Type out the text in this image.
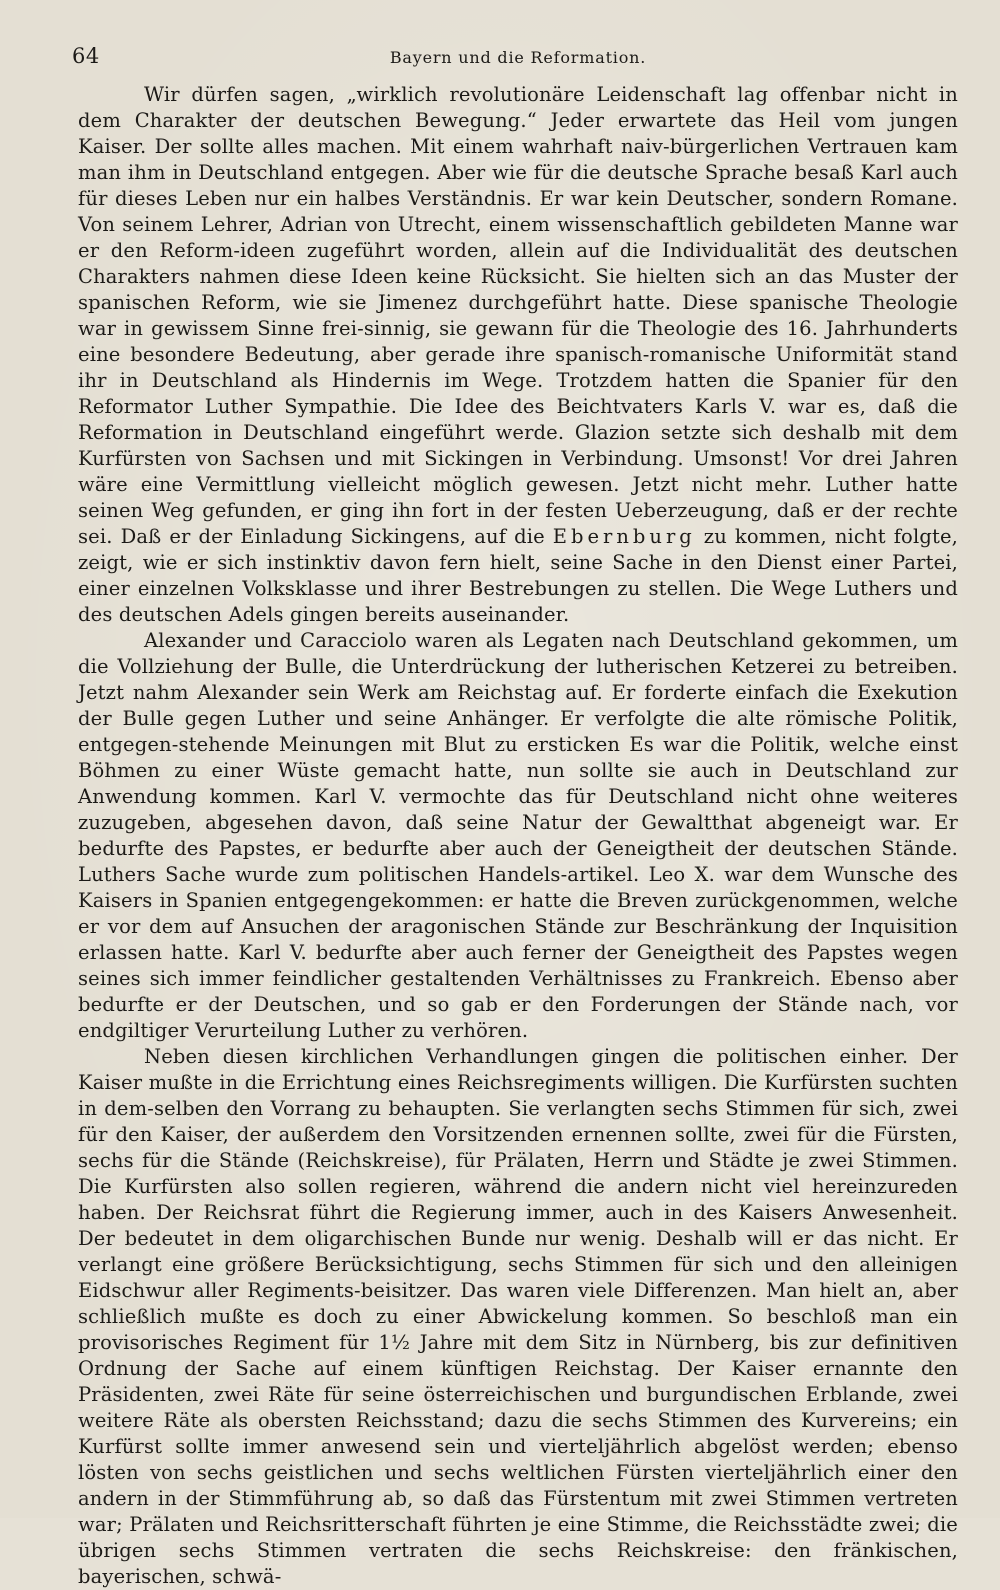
64	Bayern und die Reformation.

Wir dürfen sagen, „wirklich revolutionäre Leidenschaft lag offenbar nicht in dem Charakter der deutschen Bewegung.“ Jeder erwartete das Heil vom jungen Kaiser. Der sollte alles machen. Mit einem wahrhaft naiv-bürgerlichen Vertrauen kam man ihm in Deutschland entgegen. Aber wie für die deutsche Sprache besaß Karl auch für dieses Leben nur ein halbes Verständnis. Er war kein Deutscher, sondern Romane. Von seinem Lehrer, Adrian von Utrecht, einem wissenschaftlich gebildeten Manne war er den Reform-ideen zugeführt worden, allein auf die Individualität des deutschen Charakters nahmen diese Ideen keine Rücksicht. Sie hielten sich an das Muster der spanischen Reform, wie sie Jimenez durchgeführt hatte. Diese spanische Theologie war in gewissem Sinne frei-sinnig, sie gewann für die Theologie des 16. Jahrhunderts eine besondere Bedeutung, aber gerade ihre spanisch-romanische Uniformität stand ihr in Deutschland als Hindernis im Wege. Trotzdem hatten die Spanier für den Reformator Luther Sympathie. Die Idee des Beichtvaters Karls V. war es, daß die Reformation in Deutschland eingeführt werde. Glazion setzte sich deshalb mit dem Kurfürsten von Sachsen und mit Sickingen in Verbindung. Umsonst! Vor drei Jahren wäre eine Vermittlung vielleicht möglich gewesen. Jetzt nicht mehr. Luther hatte seinen Weg gefunden, er ging ihn fort in der festen Ueberzeugung, daß er der rechte sei. Daß er der Einladung Sickingens, auf die Ebernburg zu kommen, nicht folgte, zeigt, wie er sich instinktiv davon fern hielt, seine Sache in den Dienst einer Partei, einer einzelnen Volksklasse und ihrer Bestrebungen zu stellen. Die Wege Luthers und des deutschen Adels gingen bereits auseinander.

Alexander und Caracciolo waren als Legaten nach Deutschland gekommen, um die Vollziehung der Bulle, die Unterdrückung der lutherischen Ketzerei zu betreiben. Jetzt nahm Alexander sein Werk am Reichstag auf. Er forderte einfach die Exekution der Bulle gegen Luther und seine Anhänger. Er verfolgte die alte römische Politik, entgegen-stehende Meinungen mit Blut zu ersticken Es war die Politik, welche einst Böhmen zu einer Wüste gemacht hatte, nun sollte sie auch in Deutschland zur Anwendung kommen. Karl V. vermochte das für Deutschland nicht ohne weiteres zuzugeben, abgesehen davon, daß seine Natur der Gewaltthat abgeneigt war. Er bedurfte des Papstes, er bedurfte aber auch der Geneigtheit der deutschen Stände. Luthers Sache wurde zum politischen Handels-artikel. Leo X. war dem Wunsche des Kaisers in Spanien entgegengekommen: er hatte die Breven zurückgenommen, welche er vor dem auf Ansuchen der aragonischen Stände zur Beschränkung der Inquisition erlassen hatte. Karl V. bedurfte aber auch ferner der Geneigtheit des Papstes wegen seines sich immer feindlicher gestaltenden Verhältnisses zu Frankreich. Ebenso aber bedurfte er der Deutschen, und so gab er den Forderungen der Stände nach, vor endgiltiger Verurteilung Luther zu verhören.

Neben diesen kirchlichen Verhandlungen gingen die politischen einher. Der Kaiser mußte in die Errichtung eines Reichsregiments willigen. Die Kurfürsten suchten in dem-selben den Vorrang zu behaupten. Sie verlangten sechs Stimmen für sich, zwei für den Kaiser, der außerdem den Vorsitzenden ernennen sollte, zwei für die Fürsten, sechs für die Stände (Reichskreise), für Prälaten, Herrn und Städte je zwei Stimmen. Die Kurfürsten also sollen regieren, während die andern nicht viel hereinzureden haben. Der Reichsrat führt die Regierung immer, auch in des Kaisers Anwesenheit. Der bedeutet in dem oligarchischen Bunde nur wenig. Deshalb will er das nicht. Er verlangt eine größere Berücksichtigung, sechs Stimmen für sich und den alleinigen Eidschwur aller Regiments-beisitzer. Das waren viele Differenzen. Man hielt an, aber schließlich mußte es doch zu einer Abwickelung kommen. So beschloß man ein provisorisches Regiment für 1½ Jahre mit dem Sitz in Nürnberg, bis zur definitiven Ordnung der Sache auf einem künftigen Reichstag. Der Kaiser ernannte den Präsidenten, zwei Räte für seine österreichischen und burgundischen Erblande, zwei weitere Räte als obersten Reichsstand; dazu die sechs Stimmen des Kurvereins; ein Kurfürst sollte immer anwesend sein und vierteljährlich abgelöst werden; ebenso lösten von sechs geistlichen und sechs weltlichen Fürsten vierteljährlich einer den andern in der Stimmführung ab, so daß das Fürstentum mit zwei Stimmen vertreten war; Prälaten und Reichsritterschaft führten je eine Stimme, die Reichsstädte zwei; die übrigen sechs Stimmen vertraten die sechs Reichskreise: den fränkischen, bayerischen, schwä-
